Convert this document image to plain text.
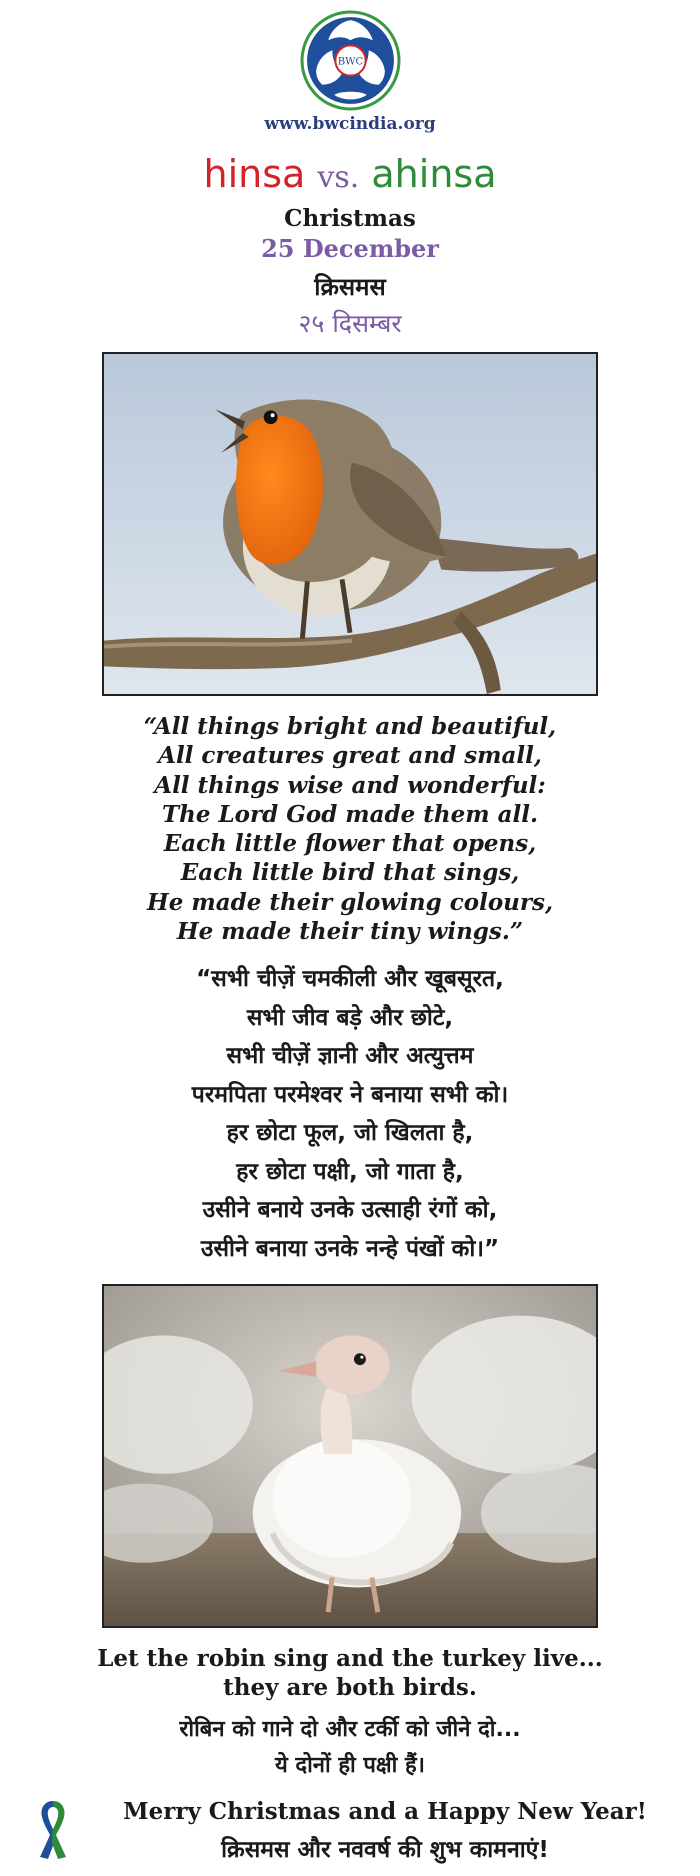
BWC
www.bwcindia.org
hinsa vs. ahinsa
Christmas
25 December
क्रिसमस
२५ दिसम्बर
“All things bright and beautiful,
All creatures great and small,
All things wise and wonderful:
The Lord God made them all.
Each little flower that opens,
Each little bird that sings,
He made their glowing colours,
He made their tiny wings.”
“सभी चीज़ें चमकीली और खूबसूरत,
सभी जीव बड़े और छोटे,
सभी चीज़ें ज्ञानी और अत्युत्तम
परमपिता परमेश्वर ने बनाया सभी को।
हर छोटा फूल, जो खिलता है,
हर छोटा पक्षी, जो गाता है,
उसीने बनाये उनके उत्साही रंगों को,
उसीने बनाया उनके नन्हे पंखों को।”
Let the robin sing and the turkey live...
they are both birds.
रोबिन को गाने दो और टर्की को जीने दो...
ये दोनों ही पक्षी हैं।
Merry Christmas and a Happy New Year!
क्रिसमस और नववर्ष की शुभ कामनाएं!
